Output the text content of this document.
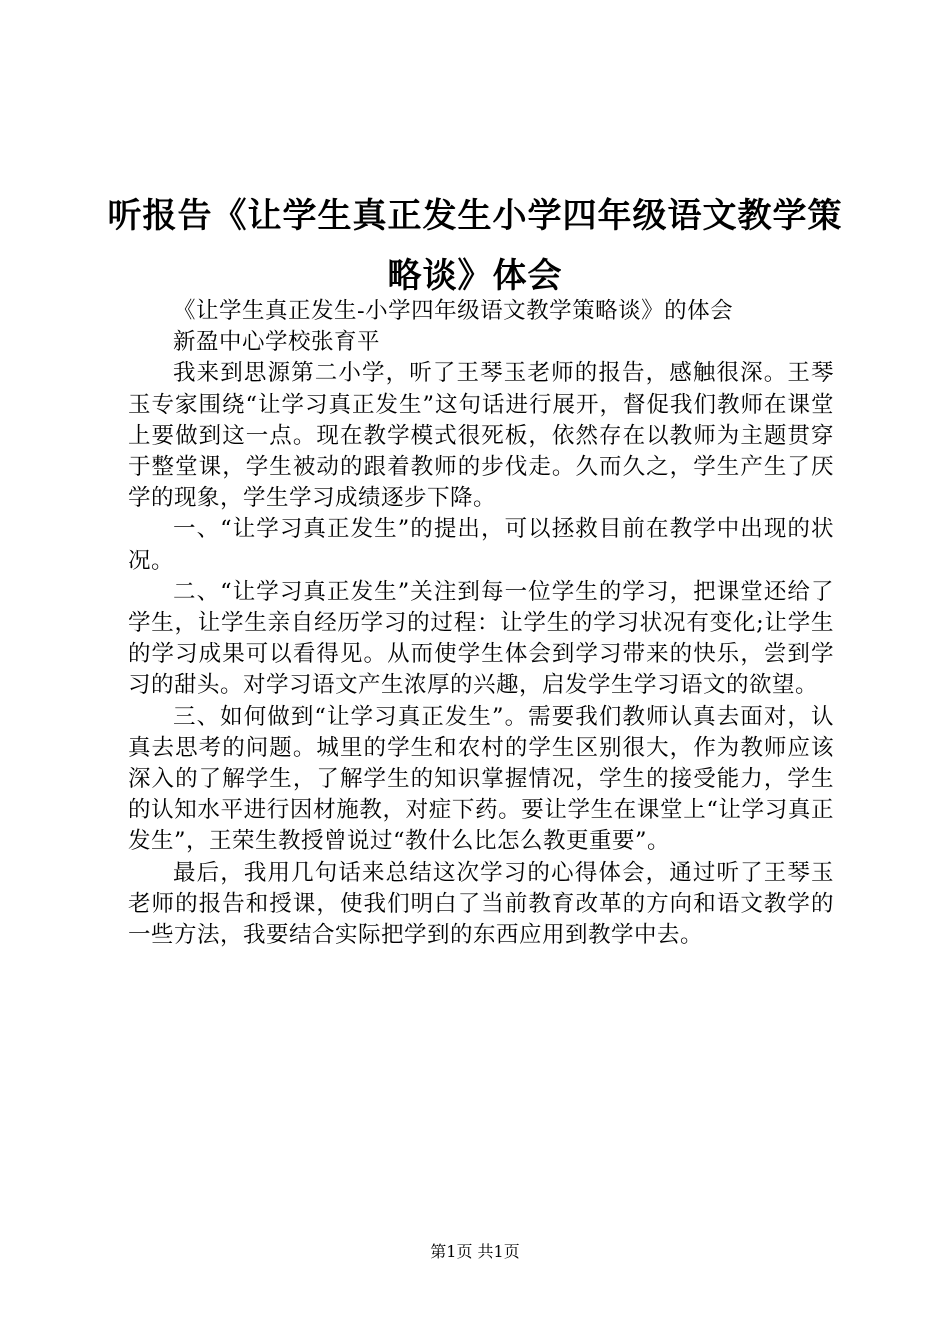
听报告《让学生真正发生小学四年级语文教学策略谈》体会

《让学生真正发生-小学四年级语文教学策略谈》的体会

新盈中心学校张育平

我来到思源第二小学，听了王琴玉老师的报告，感触很深。王琴玉专家围绕“让学习真正发生”这句话进行展开，督促我们教师在课堂上要做到这一点。现在教学模式很死板，依然存在以教师为主题贯穿于整堂课，学生被动的跟着教师的步伐走。久而久之，学生产生了厌学的现象，学生学习成绩逐步下降。

一、“让学习真正发生”的提出，可以拯救目前在教学中出现的状况。

二、“让学习真正发生”关注到每一位学生的学习，把课堂还给了学生，让学生亲自经历学习的过程：让学生的学习状况有变化;让学生的学习成果可以看得见。从而使学生体会到学习带来的快乐，尝到学习的甜头。对学习语文产生浓厚的兴趣，启发学生学习语文的欲望。

三、如何做到“让学习真正发生”。需要我们教师认真去面对，认真去思考的问题。城里的学生和农村的学生区别很大，作为教师应该深入的了解学生，了解学生的知识掌握情况，学生的接受能力，学生的认知水平进行因材施教，对症下药。要让学生在课堂上“让学习真正发生”，王荣生教授曾说过“教什么比怎么教更重要”。

最后，我用几句话来总结这次学习的心得体会，通过听了王琴玉老师的报告和授课，使我们明白了当前教育改革的方向和语文教学的一些方法，我要结合实际把学到的东西应用到教学中去。

第1页 共1页
